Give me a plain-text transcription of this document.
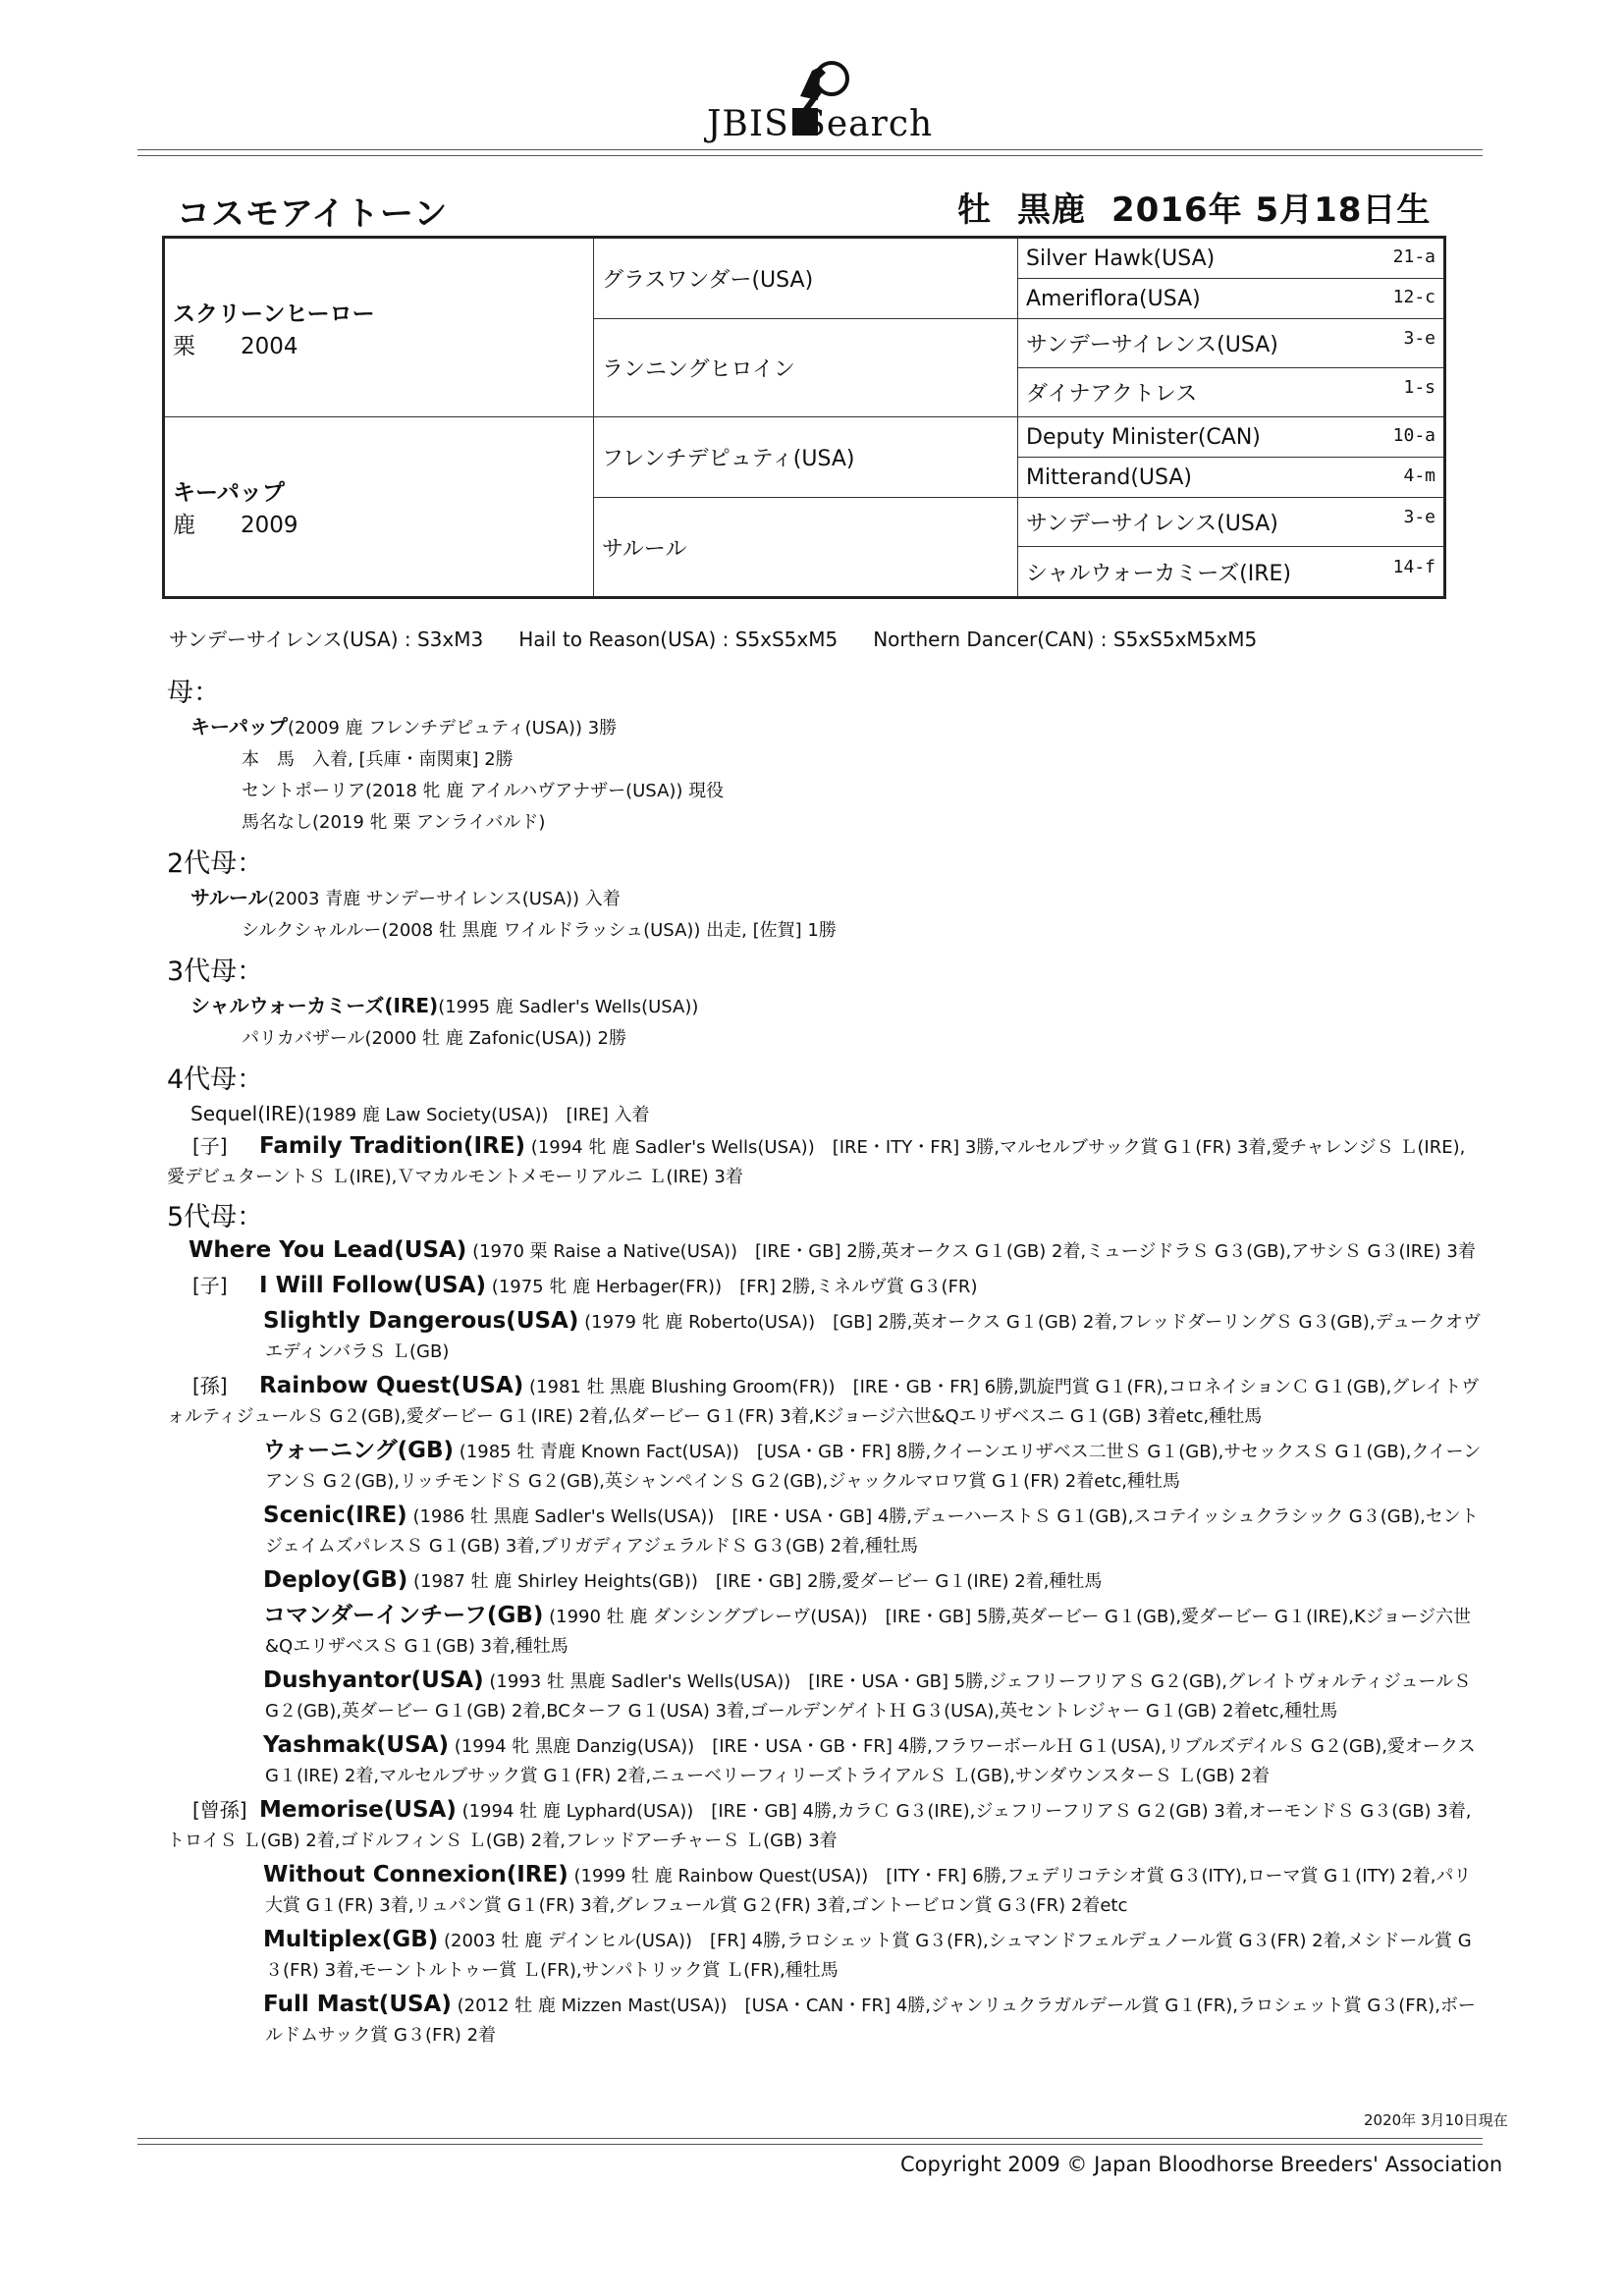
JBIS Search
コスモアイトーン	牡 黒鹿 2016年 5月18日生
スクリーンヒーロー
栗　　 2004	グラスワンダー(USA)	Silver Hawk(USA) 21-a

		Ameriflora(USA) 12-c

	ランニングヒロイン	サンデーサイレンス(USA) 3-e

		ダイナアクトレス 1-s

キーパップ
鹿　　 2009	フレンチデピュティ(USA)	Deputy Minister(CAN) 10-a

		Mitterand(USA) 4-m

	サルール	サンデーサイレンス(USA) 3-e

		シャルウォーカミーズ(IRE) 14-f
サンデーサイレンス(USA) : S3xM3 Hail to Reason(USA) : S5xS5xM5 Northern Dancer(CAN) : S5xS5xM5xM5
母：
キーパップ(2009 鹿 フレンチデピュティ(USA)) 3勝
本　馬　入着, [兵庫・南関東] 2勝
セントポーリア(2018 牝 鹿 アイルハヴアナザー(USA)) 現役
馬名なし(2019 牝 栗 アンライバルド)
2代母：
サルール(2003 青鹿 サンデーサイレンス(USA)) 入着
シルクシャルルー(2008 牡 黒鹿 ワイルドラッシュ(USA)) 出走, [佐賀] 1勝
3代母：
シャルウォーカミーズ(IRE)(1995 鹿 Sadler's Wells(USA))
パリカバザール(2000 牡 鹿 Zafonic(USA)) 2勝
4代母：
Sequel(IRE)(1989 鹿 Law Society(USA))　[IRE] 入着
[子] Family Tradition(IRE) (1994 牝 鹿 Sadler's Wells(USA))　[IRE・ITY・FR] 3勝,マルセルブサック賞 G１(FR) 3着,愛チャレンジＳ Ｌ(IRE),愛デビュターントＳ Ｌ(IRE),Ｖマカルモントメモーリアルニ Ｌ(IRE) 3着
5代母：
Where You Lead(USA) (1970 栗 Raise a Native(USA))　[IRE・GB] 2勝,英オークス G１(GB) 2着,ミュージドラＳ G３(GB),アサシＳ G３(IRE) 3着
[子] I Will Follow(USA) (1975 牝 鹿 Herbager(FR))　[FR] 2勝,ミネルヴ賞 G３(FR)
Slightly Dangerous(USA) (1979 牝 鹿 Roberto(USA))　[GB] 2勝,英オークス G１(GB) 2着,フレッドダーリングＳ G３(GB),デュークオヴエディンバラＳ Ｌ(GB)
[孫] Rainbow Quest(USA) (1981 牡 黒鹿 Blushing Groom(FR))　[IRE・GB・FR] 6勝,凱旋門賞 G１(FR),コロネイションＣ G１(GB),グレイトヴォルティジュールＳ G２(GB),愛ダービー G１(IRE) 2着,仏ダービー G１(FR) 3着,Kジョージ六世&Qエリザベスニ G１(GB) 3着etc,種牡馬
ウォーニング(GB) (1985 牡 青鹿 Known Fact(USA))　[USA・GB・FR] 8勝,クイーンエリザベス二世Ｓ G１(GB),サセックスＳ G１(GB),クイーンアンＳ G２(GB),リッチモンドＳ G２(GB),英シャンペインＳ G２(GB),ジャックルマロワ賞 G１(FR) 2着etc,種牡馬
Scenic(IRE) (1986 牡 黒鹿 Sadler's Wells(USA))　[IRE・USA・GB] 4勝,デューハーストＳ G１(GB),スコテイッシュクラシック G３(GB),セントジェイムズパレスＳ G１(GB) 3着,ブリガディアジェラルドＳ G３(GB) 2着,種牡馬
Deploy(GB) (1987 牡 鹿 Shirley Heights(GB))　[IRE・GB] 2勝,愛ダービー G１(IRE) 2着,種牡馬
コマンダーインチーフ(GB) (1990 牡 鹿 ダンシングブレーヴ(USA))　[IRE・GB] 5勝,英ダービー G１(GB),愛ダービー G１(IRE),Kジョージ六世&QエリザベスＳ G１(GB) 3着,種牡馬
Dushyantor(USA) (1993 牡 黒鹿 Sadler's Wells(USA))　[IRE・USA・GB] 5勝,ジェフリーフリアＳ G２(GB),グレイトヴォルティジュールＳ G２(GB),英ダービー G１(GB) 2着,BCターフ G１(USA) 3着,ゴールデンゲイトＨ G３(USA),英セントレジャー G１(GB) 2着etc,種牡馬
Yashmak(USA) (1994 牝 黒鹿 Danzig(USA))　[IRE・USA・GB・FR] 4勝,フラワーボールＨ G１(USA),リブルズデイルＳ G２(GB),愛オークス G１(IRE) 2着,マルセルブサック賞 G１(FR) 2着,ニューベリーフィリーズトライアルＳ Ｌ(GB),サンダウンスターＳ Ｌ(GB) 2着
[曾孫] Memorise(USA) (1994 牡 鹿 Lyphard(USA))　[IRE・GB] 4勝,カラＣ G３(IRE),ジェフリーフリアＳ G２(GB) 3着,オーモンドＳ G３(GB) 3着,トロイＳ Ｌ(GB) 2着,ゴドルフィンＳ Ｌ(GB) 2着,フレッドアーチャーＳ Ｌ(GB) 3着
Without Connexion(IRE) (1999 牡 鹿 Rainbow Quest(USA))　[ITY・FR] 6勝,フェデリコテシオ賞 G３(ITY),ローマ賞 G１(ITY) 2着,パリ大賞 G１(FR) 3着,リュパン賞 G１(FR) 3着,グレフュール賞 G２(FR) 3着,ゴントービロン賞 G３(FR) 2着etc
Multiplex(GB) (2003 牡 鹿 デインヒル(USA))　[FR] 4勝,ラロシェット賞 G３(FR),シュマンドフェルデュノール賞 G３(FR) 2着,メシドール賞 G３(FR) 3着,モーントルトゥー賞 Ｌ(FR),サンパトリック賞 Ｌ(FR),種牡馬
Full Mast(USA) (2012 牡 鹿 Mizzen Mast(USA))　[USA・CAN・FR] 4勝,ジャンリュクラガルデール賞 G１(FR),ラロシェット賞 G３(FR),ボールドムサック賞 G３(FR) 2着
2020年 3月10日現在
Copyright 2009 © Japan Bloodhorse Breeders' Association
